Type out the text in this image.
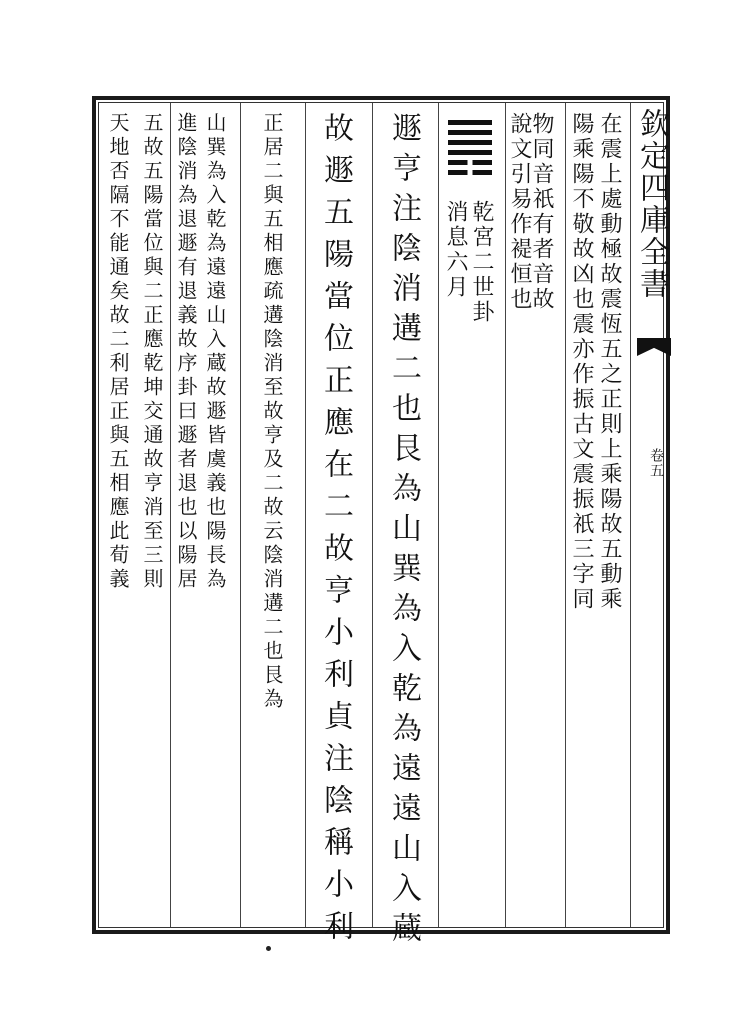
欽定四庫全書
卷五
在震上處動極故震恆五之正則上乘陽故五動乘
陽乘陽不敬故凶也震亦作振古文震振祇三字同
物同音祇有者音故
說文引易作褆恒也
乾宮二世卦
消息六月
遯亨注陰消遘二也艮為山巽為入乾為遠遠山入蔵
故遯五陽當位正應在二故亨小利貞注陰稱小利
正居二與五相應疏遘陰消至故亨及二故云陰消遘二也艮為
山巽為入乾為遠遠山入蔵故遯皆虞義也陽長為
進陰消為退遯有退義故序卦曰遯者退也以陽居
五故五陽當位與二正應乾坤交通故亨消至三則
天地否隔不能通矣故二利居正與五相應此荀義
